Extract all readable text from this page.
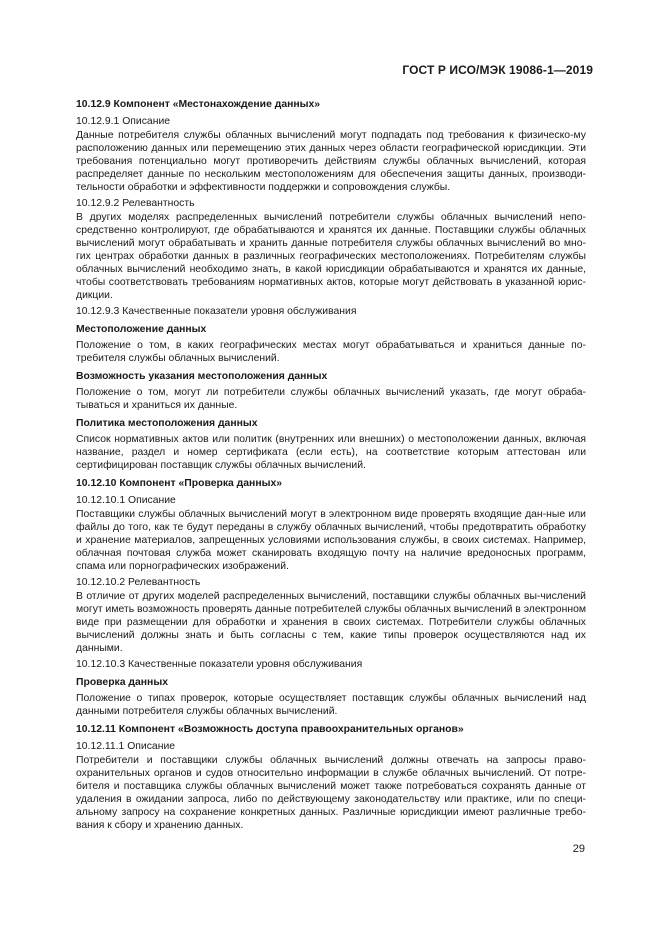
ГОСТ Р ИСО/МЭК 19086-1—2019

10.12.9 Компонент «Местонахождение данных»

10.12.9.1 Описание

Данные потребителя службы облачных вычислений могут подпадать под требования к физическо-му расположению данных или перемещению этих данных через области географической юрисдикции. Эти требования потенциально могут противоречить действиям службы облачных вычислений, которая распределяет данные по нескольким местоположениям для обеспечения защиты данных, производи-тельности обработки и эффективности поддержки и сопровождения службы.

10.12.9.2 Релевантность

В других моделях распределенных вычислений потребители службы облачных вычислений непо-средственно контролируют, где обрабатываются и хранятся их данные. Поставщики службы облачных вычислений могут обрабатывать и хранить данные потребителя службы облачных вычислений во мно-гих центрах обработки данных в различных географических местоположениях. Потребителям службы облачных вычислений необходимо знать, в какой юрисдикции обрабатываются и хранятся их данные, чтобы соответствовать требованиям нормативных актов, которые могут действовать в указанной юрис-дикции.

10.12.9.3 Качественные показатели уровня обслуживания

Местоположение данных

Положение о том, в каких географических местах могут обрабатываться и храниться данные по-требителя службы облачных вычислений.

Возможность указания местоположения данных

Положение о том, могут ли потребители службы облачных вычислений указать, где могут обраба-тываться и храниться их данные.

Политика местоположения данных

Список нормативных актов или политик (внутренних или внешних) о местоположении данных, включая название, раздел и номер сертификата (если есть), на соответствие которым аттестован или сертифицирован поставщик службы облачных вычислений.

10.12.10 Компонент «Проверка данных»

10.12.10.1 Описание

Поставщики службы облачных вычислений могут в электронном виде проверять входящие дан-ные или файлы до того, как те будут переданы в службу облачных вычислений, чтобы предотвратить обработку и хранение материалов, запрещенных условиями использования службы, в своих системах. Например, облачная почтовая служба может сканировать входящую почту на наличие вредоносных программ, спама или порнографических изображений.

10.12.10.2 Релевантность

В отличие от других моделей распределенных вычислений, поставщики службы облачных вы-числений могут иметь возможность проверять данные потребителей службы облачных вычислений в электронном виде при размещении для обработки и хранения в своих системах. Потребители службы облачных вычислений должны знать и быть согласны с тем, какие типы проверок осуществляются над их данными.

10.12.10.3 Качественные показатели уровня обслуживания

Проверка данных

Положение о типах проверок, которые осуществляет поставщик службы облачных вычислений над данными потребителя службы облачных вычислений.

10.12.11 Компонент «Возможность доступа правоохранительных органов»

10.12.11.1 Описание

Потребители и поставщики службы облачных вычислений должны отвечать на запросы право-охранительных органов и судов относительно информации в службе облачных вычислений. От потре-бителя и поставщика службы облачных вычислений может также потребоваться сохранять данные от удаления в ожидании запроса, либо по действующему законодательству или практике, или по специ-альному запросу на сохранение конкретных данных. Различные юрисдикции имеют различные требо-вания к сбору и хранению данных.

29
